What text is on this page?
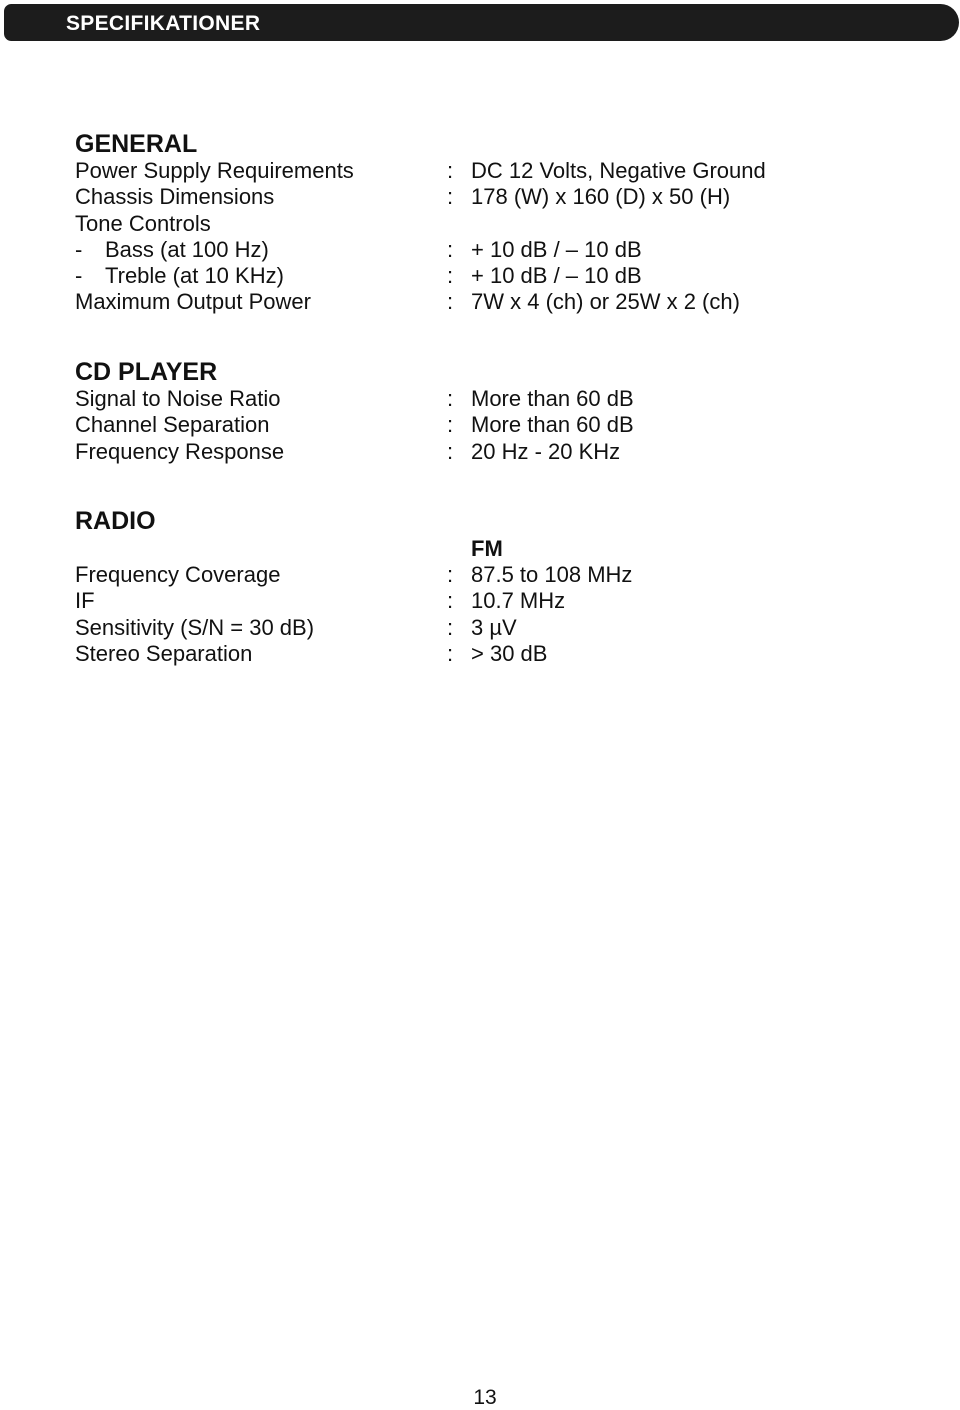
SPECIFIKATIONER
GENERAL
Power Supply Requirements	: DC 12 Volts, Negative Ground
Chassis Dimensions	: 178 (W) x 160 (D) x 50 (H)
Tone Controls
- Bass (at 100 Hz)	: + 10 dB / – 10 dB
- Treble (at 10 KHz)	: + 10 dB / – 10 dB
Maximum Output Power	: 7W x 4 (ch) or 25W x 2 (ch)
CD PLAYER
Signal to Noise Ratio	: More than 60 dB
Channel Separation	: More than 60 dB
Frequency Response	: 20 Hz - 20 KHz
RADIO
FM
Frequency Coverage	: 87.5 to 108 MHz
IF	: 10.7 MHz
Sensitivity (S/N = 30 dB)	: 3 µV
Stereo Separation	: > 30 dB
13
